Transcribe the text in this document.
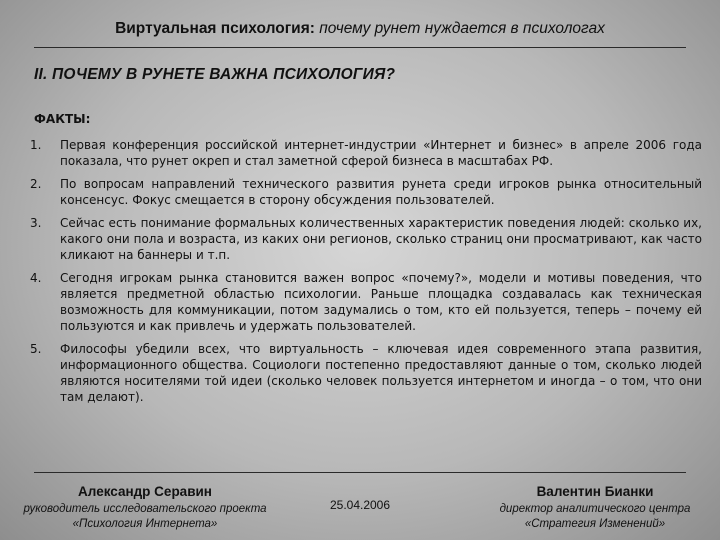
Виртуальная психология: почему рунет нуждается в психологах
II. ПОЧЕМУ В РУНЕТЕ ВАЖНА ПСИХОЛОГИЯ?
ФАКТЫ:
1.	Первая конференция российской интернет-индустрии «Интернет и бизнес» в апреле 2006 года показала, что рунет окреп и стал заметной сферой бизнеса в масштабах РФ.
2.	По вопросам направлений технического развития рунета среди игроков рынка относительный консенсус. Фокус смещается в сторону обсуждения пользователей.
3.	Сейчас есть понимание формальных количественных характеристик поведения людей: сколько их, какого они пола и возраста, из каких они регионов, сколько страниц они просматривают, как часто кликают на баннеры и т.п.
4.	Сегодня игрокам рынка становится важен вопрос «почему?», модели и мотивы поведения, что является предметной областью психологии. Раньше площадка создавалась как техническая возможность для коммуникации, потом задумались о том, кто ей пользуется, теперь – почему ей пользуются и как привлечь и удержать пользователей.
5.	Философы убедили всех, что виртуальность – ключевая идея современного этапа развития, информационного общества. Социологи постепенно предоставляют данные о том, сколько людей являются носителями той идеи (сколько человек пользуется интернетом и иногда – о том, что они там делают).
Александр Серавин
руководитель исследовательского проекта
«Психология Интернета»
25.04.2006
Валентин Бианки
директор аналитического центра
«Стратегия Изменений»
